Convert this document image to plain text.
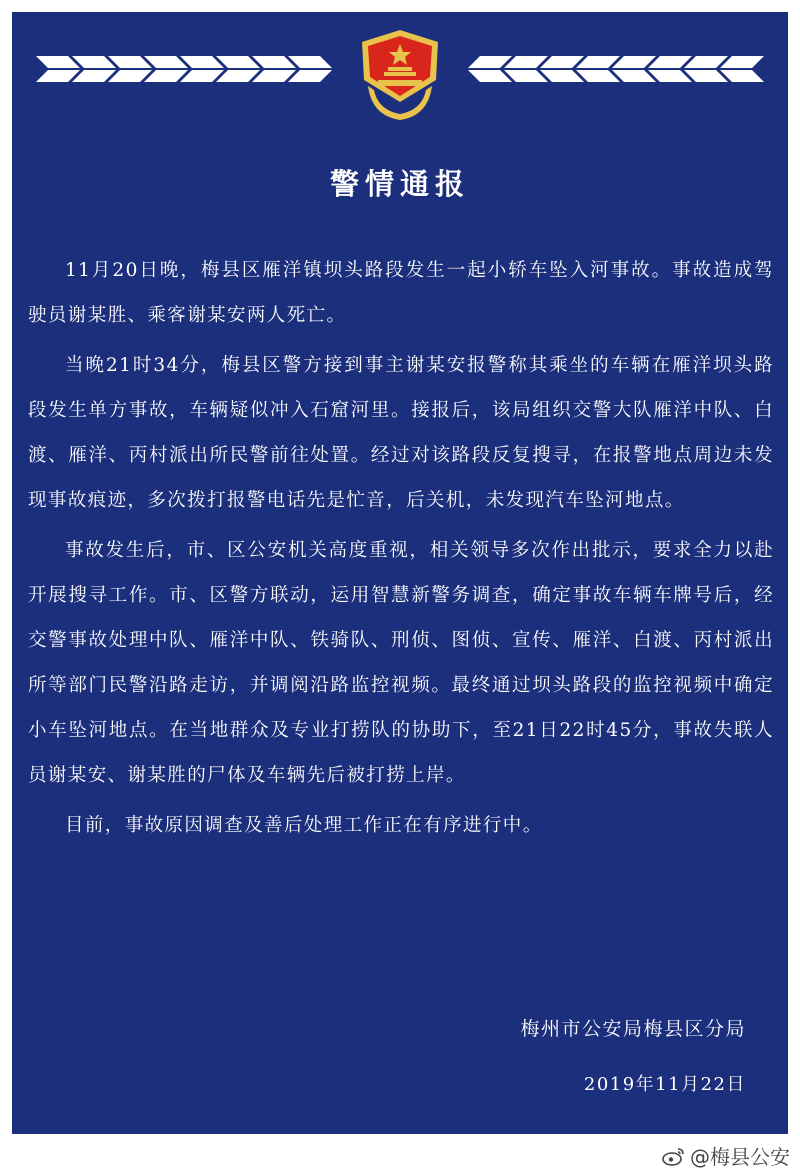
警情通报

11月20日晚，梅县区雁洋镇坝头路段发生一起小轿车坠入河事故。事故造成驾驶员谢某胜、乘客谢某安两人死亡。

当晚21时34分，梅县区警方接到事主谢某安报警称其乘坐的车辆在雁洋坝头路段发生单方事故，车辆疑似冲入石窟河里。接报后，该局组织交警大队雁洋中队、白渡、雁洋、丙村派出所民警前往处置。经过对该路段反复搜寻，在报警地点周边未发现事故痕迹，多次拨打报警电话先是忙音，后关机，未发现汽车坠河地点。

事故发生后，市、区公安机关高度重视，相关领导多次作出批示，要求全力以赴开展搜寻工作。市、区警方联动，运用智慧新警务调查，确定事故车辆车牌号后，经交警事故处理中队、雁洋中队、铁骑队、刑侦、图侦、宣传、雁洋、白渡、丙村派出所等部门民警沿路走访，并调阅沿路监控视频。最终通过坝头路段的监控视频中确定小车坠河地点。在当地群众及专业打捞队的协助下，至21日22时45分，事故失联人员谢某安、谢某胜的尸体及车辆先后被打捞上岸。

目前，事故原因调查及善后处理工作正在有序进行中。

梅州市公安局梅县区分局
2019年11月22日
@梅县公安
